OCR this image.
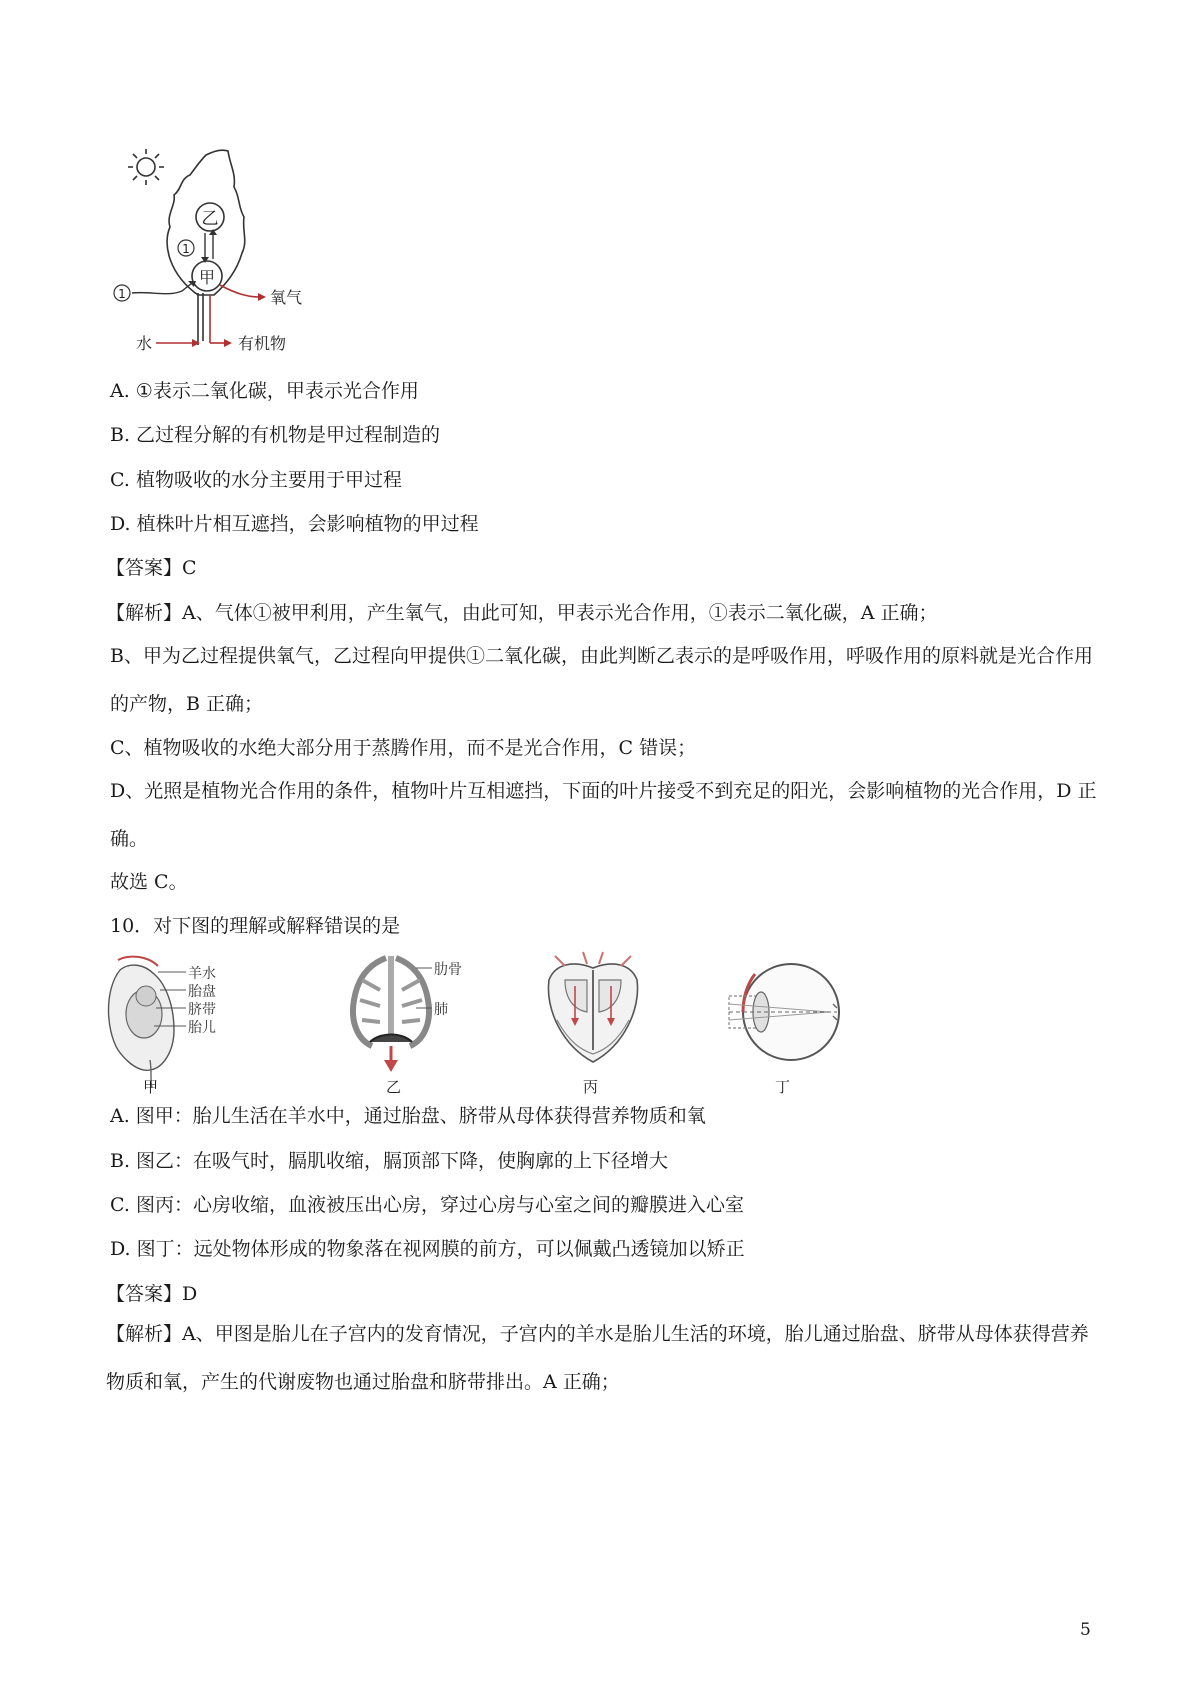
乙
甲
1
1	氧气
水	有机物
A. ①表示二氧化碳，甲表示光合作用
B. 乙过程分解的有机物是甲过程制造的
C. 植物吸收的水分主要用于甲过程
D. 植株叶片相互遮挡，会影响植物的甲过程
【答案】C
【解析】A、气体①被甲利用，产生氧气，由此可知，甲表示光合作用，①表示二氧化碳，A 正确；
B、甲为乙过程提供氧气，乙过程向甲提供①二氧化碳，由此判断乙表示的是呼吸作用，呼吸作用的原料就是光合作用的产物，B 正确；
C、植物吸收的水绝大部分用于蒸腾作用，而不是光合作用，C 错误；
D、光照是植物光合作用的条件，植物叶片互相遮挡，下面的叶片接受不到充足的阳光，会影响植物的光合作用，D 正确。
故选 C。
10．对下图的理解或解释错误的是
羊水
胎盘
脐带
胎儿
甲
肋骨
肺
乙	丙	丁
A. 图甲：胎儿生活在羊水中，通过胎盘、脐带从母体获得营养物质和氧
B. 图乙：在吸气时，膈肌收缩，膈顶部下降，使胸廓的上下径增大
C. 图丙：心房收缩，血液被压出心房，穿过心房与心室之间的瓣膜进入心室
D. 图丁：远处物体形成的物象落在视网膜的前方，可以佩戴凸透镜加以矫正
【答案】D
【解析】A、甲图是胎儿在子宫内的发育情况，子宫内的羊水是胎儿生活的环境，胎儿通过胎盘、脐带从母体获得营养物质和氧，产生的代谢废物也通过胎盘和脐带排出。A 正确；
5
